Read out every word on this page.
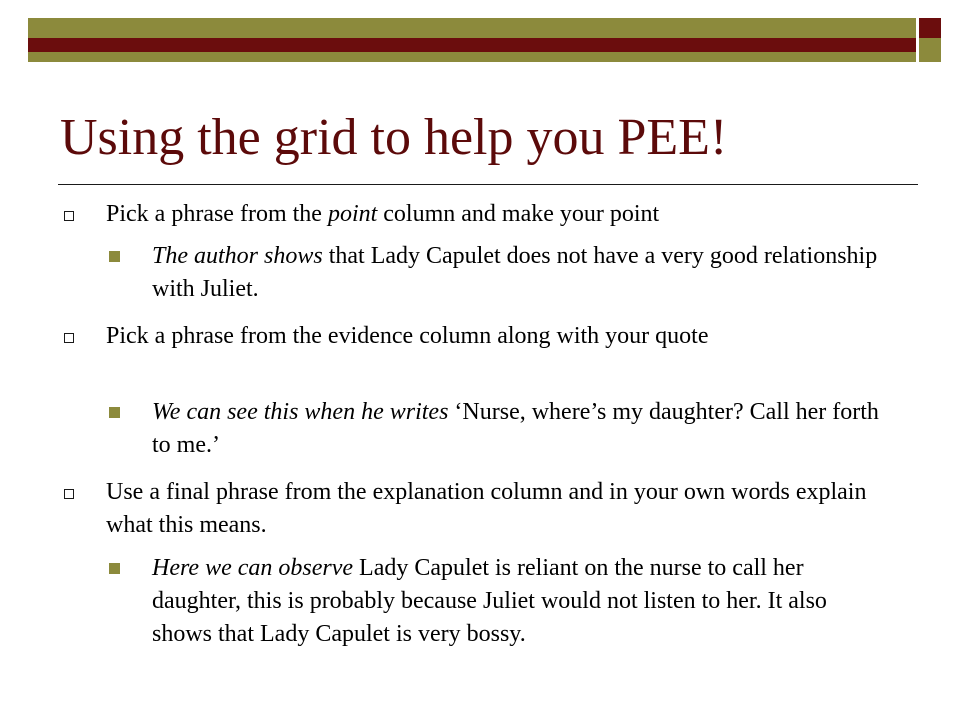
Using the grid to help you PEE!
Pick a phrase from the point column and make your point
The author shows that Lady Capulet does not have a very good relationship with Juliet.
Pick a phrase from the evidence column along with your quote
We can see this when he writes ‘Nurse, where’s my daughter? Call her forth to me.’
Use a final phrase from the explanation column and in your own words explain what this means.
Here we can observe Lady Capulet is reliant on the nurse to call her daughter, this is probably because Juliet would not listen to her. It also shows that Lady Capulet is very bossy.
